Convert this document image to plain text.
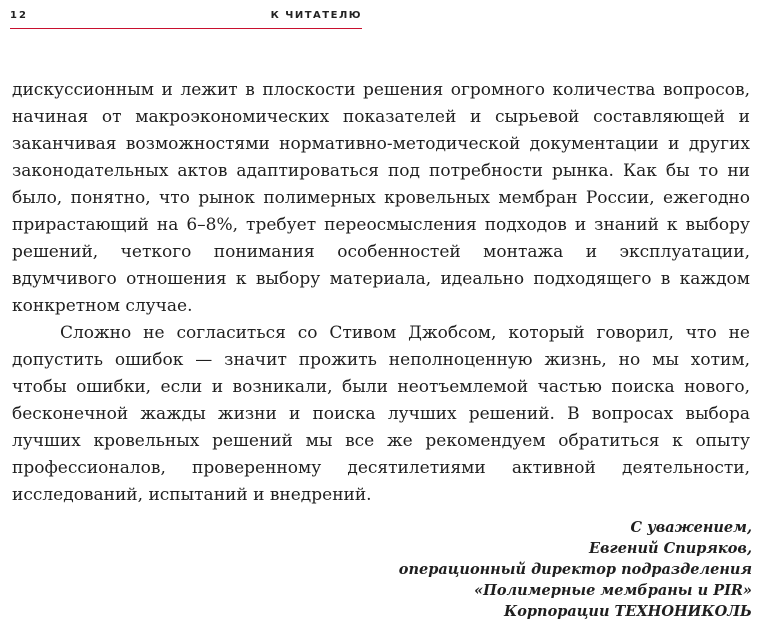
12	К ЧИТАТЕЛЮ

дискуссионным и лежит в плоскости решения огромного количества вопросов, начиная от макроэкономических показателей и сырьевой составляющей и заканчивая возможностями нормативно-методической документации и других законодательных актов адаптироваться под потребности рынка. Как бы то ни было, понятно, что рынок полимерных кровельных мембран России, ежегодно прирастающий на 6–8%, требует переосмысления подходов и знаний к выбору решений, четкого понимания особенностей монтажа и эксплуатации, вдумчивого отношения к выбору материала, идеально подходящего в каждом конкретном случае.

Сложно не согласиться со Стивом Джобсом, который говорил, что не допустить ошибок — значит прожить неполноценную жизнь, но мы хотим, чтобы ошибки, если и возникали, были неотъемлемой частью поиска нового, бесконечной жажды жизни и поиска лучших решений. В вопросах выбора лучших кровельных решений мы все же рекомендуем обратиться к опыту профессионалов, проверенному десятилетиями активной деятельности, исследований, испытаний и внедрений.

С уважением,
Евгений Спиряков,
операционный директор подразделения
«Полимерные мембраны и PIR»
Корпорации ТЕХНОНИКОЛЬ
